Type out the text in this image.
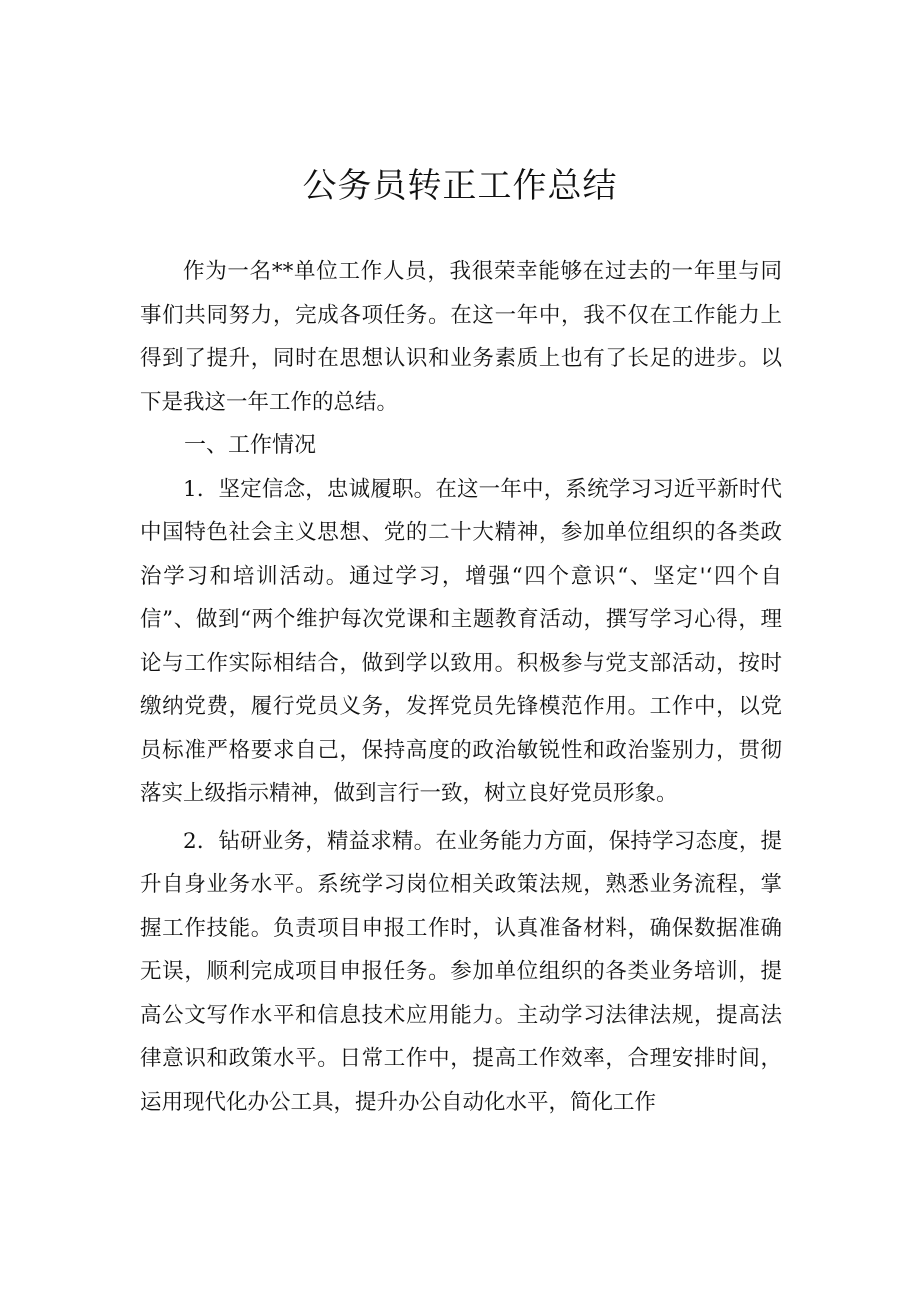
公务员转正工作总结

作为一名**单位工作人员，我很荣幸能够在过去的一年里与同事们共同努力，完成各项任务。在这一年中，我不仅在工作能力上得到了提升，同时在思想认识和业务素质上也有了长足的进步。以下是我这一年工作的总结。

一、工作情况

1．坚定信念，忠诚履职。在这一年中，系统学习习近平新时代中国特色社会主义思想、党的二十大精神，参加单位组织的各类政治学习和培训活动。通过学习，增强“四个意识“、坚定'‘四个自信”、做到“两个维护每次党课和主题教育活动，撰写学习心得，理论与工作实际相结合，做到学以致用。积极参与党支部活动，按时缴纳党费，履行党员义务，发挥党员先锋模范作用。工作中，以党员标准严格要求自己，保持高度的政治敏锐性和政治鉴别力，贯彻落实上级指示精神，做到言行一致，树立良好党员形象。

2．钻研业务，精益求精。在业务能力方面，保持学习态度，提升自身业务水平。系统学习岗位相关政策法规，熟悉业务流程，掌握工作技能。负责项目申报工作时，认真准备材料，确保数据准确无误，顺利完成项目申报任务。参加单位组织的各类业务培训，提高公文写作水平和信息技术应用能力。主动学习法律法规，提高法律意识和政策水平。日常工作中，提高工作效率，合理安排时间，运用现代化办公工具，提升办公自动化水平，简化工作
